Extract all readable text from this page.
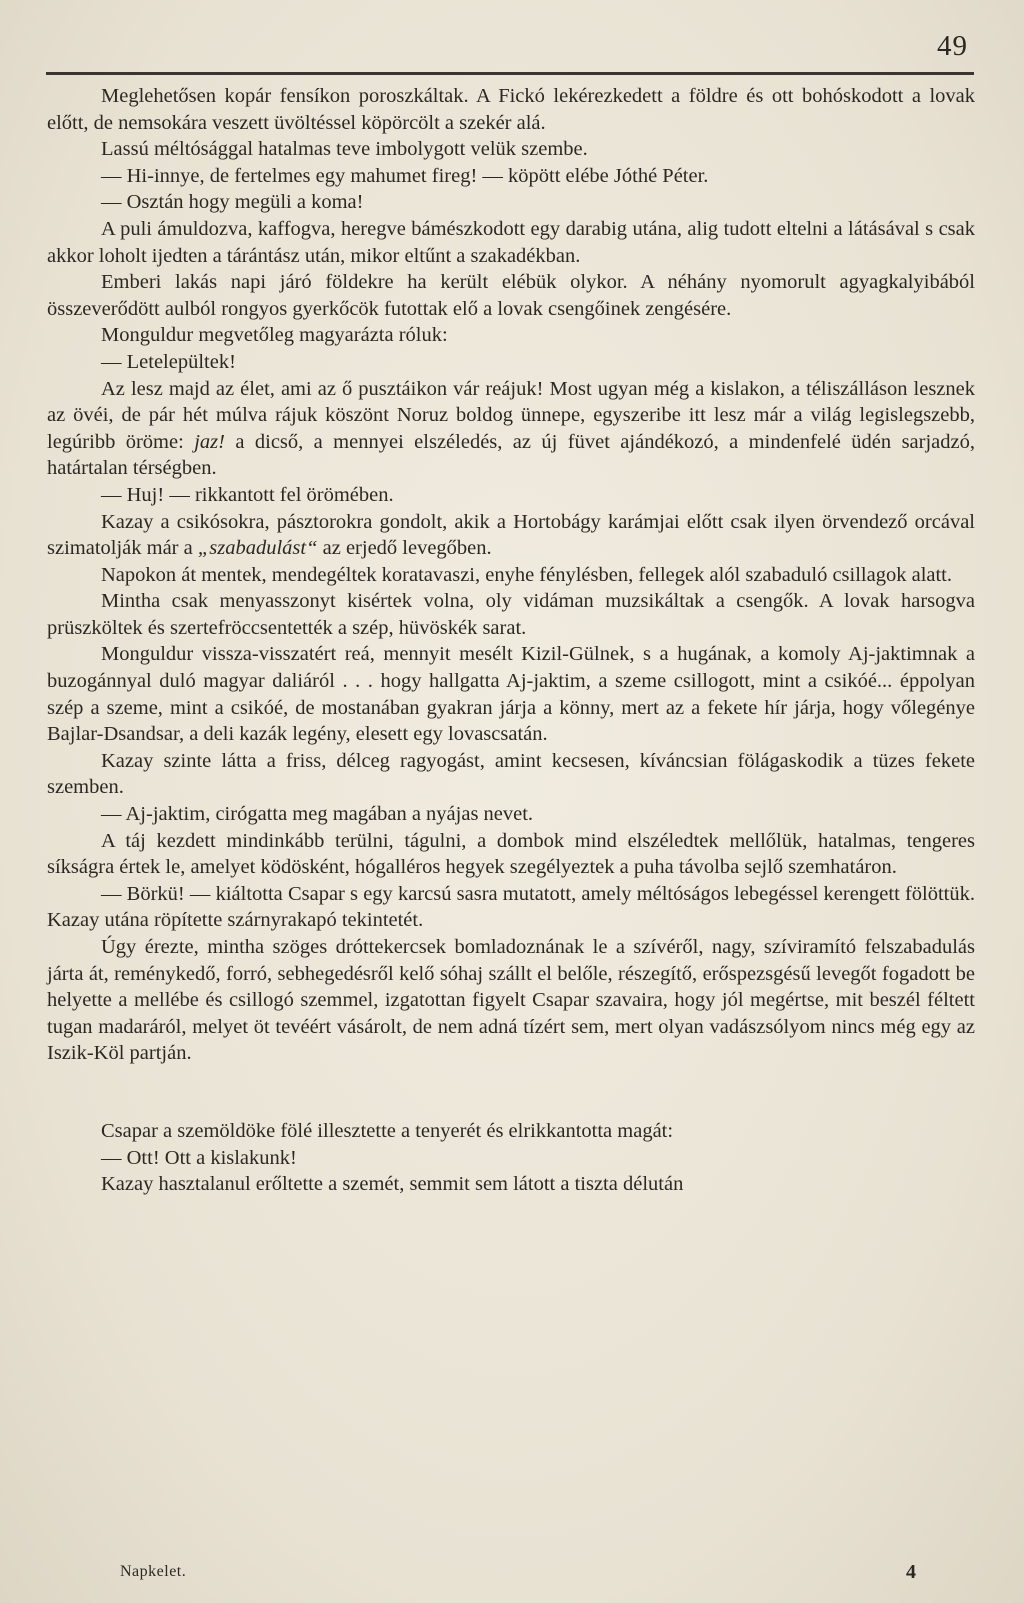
49

Meglehetősen kopár fensíkon poroszkáltak. A Fickó lekérezkedett a földre és ott bohóskodott a lovak előtt, de nemsokára veszett üvöltéssel köpörcölt a szekér alá.

Lassú méltósággal hatalmas teve imbolygott velük szembe.

— Hi-innye, de fertelmes egy mahumet fireg! — köpött elébe Jóthé Péter.

— Osztán hogy megüli a koma!

A puli ámuldozva, kaffogva, heregve bámészkodott egy darabig utána, alig tudott eltelni a látásával s csak akkor loholt ijedten a tárántász után, mikor eltűnt a szakadékban.

Emberi lakás napi járó földekre ha került elébük olykor. A néhány nyomorult agyagkalyibából összeverődött aulból rongyos gyerkőcök futottak elő a lovak csengőinek zengésére.

Monguldur megvetőleg magyarázta róluk:

— Letelepültek!

Az lesz majd az élet, ami az ő pusztáikon vár reájuk! Most ugyan még a kislakon, a téliszálláson lesznek az övéi, de pár hét múlva rájuk köszönt Noruz boldog ünnepe, egyszeribe itt lesz már a világ legislegszebb, legúribb öröme: jaz! a dicső, a mennyei elszéledés, az új füvet ajándékozó, a mindenfelé üdén sarjadzó, határtalan térségben.

— Huj! — rikkantott fel örömében.

Kazay a csikósokra, pásztorokra gondolt, akik a Hortobágy karámjai előtt csak ilyen örvendező orcával szimatolják már a „szabadulást“ az erjedő levegőben.

Napokon át mentek, mendegéltek koratavaszi, enyhe fénylésben, fellegek alól szabaduló csillagok alatt.

Mintha csak menyasszonyt kisértek volna, oly vidáman muzsikáltak a csengők. A lovak harsogva prüszköltek és szertefröccsentették a szép, hüvöskék sarat.

Monguldur vissza-visszatért reá, mennyit mesélt Kizil-Gülnek, s a hugának, a komoly Aj-jaktimnak a buzogánnyal duló magyar daliáról . . . hogy hallgatta Aj-jaktim, a szeme csillogott, mint a csikóé... éppolyan szép a szeme, mint a csikóé, de mostanában gyakran járja a könny, mert az a fekete hír járja, hogy vőlegénye Bajlar-Dsandsar, a deli kazák legény, elesett egy lovascsatán.

Kazay szinte látta a friss, délceg ragyogást, amint kecsesen, kíváncsian fölágaskodik a tüzes fekete szemben.

— Aj-jaktim, cirógatta meg magában a nyájas nevet.

A táj kezdett mindinkább terülni, tágulni, a dombok mind elszéledtek mellőlük, hatalmas, tengeres síkságra értek le, amelyet ködösként, hógalléros hegyek szegélyeztek a puha távolba sejlő szemhatáron.

— Börkü! — kiáltotta Csapar s egy karcsú sasra mutatott, amely méltóságos lebegéssel kerengett fölöttük. Kazay utána röpítette szárnyrakapó tekintetét.

Úgy érezte, mintha szöges dróttekercsek bomladoznának le a szívéről, nagy, szíviramító felszabadulás járta át, reménykedő, forró, sebhegedésről kelő sóhaj szállt el belőle, részegítő, erőspezsgésű levegőt fogadott be helyette a mellébe és csillogó szemmel, izgatottan figyelt Csapar szavaira, hogy jól megértse, mit beszél féltett tugan madaráról, melyet öt tevéért vásárolt, de nem adná tízért sem, mert olyan vadászsólyom nincs még egy az Iszik-Köl partján.

Csapar a szemöldöke fölé illesztette a tenyerét és elrikkantotta magát:

— Ott! Ott a kislakunk!

Kazay hasztalanul erőltette a szemét, semmit sem látott a tiszta délután

Napkelet.	4
